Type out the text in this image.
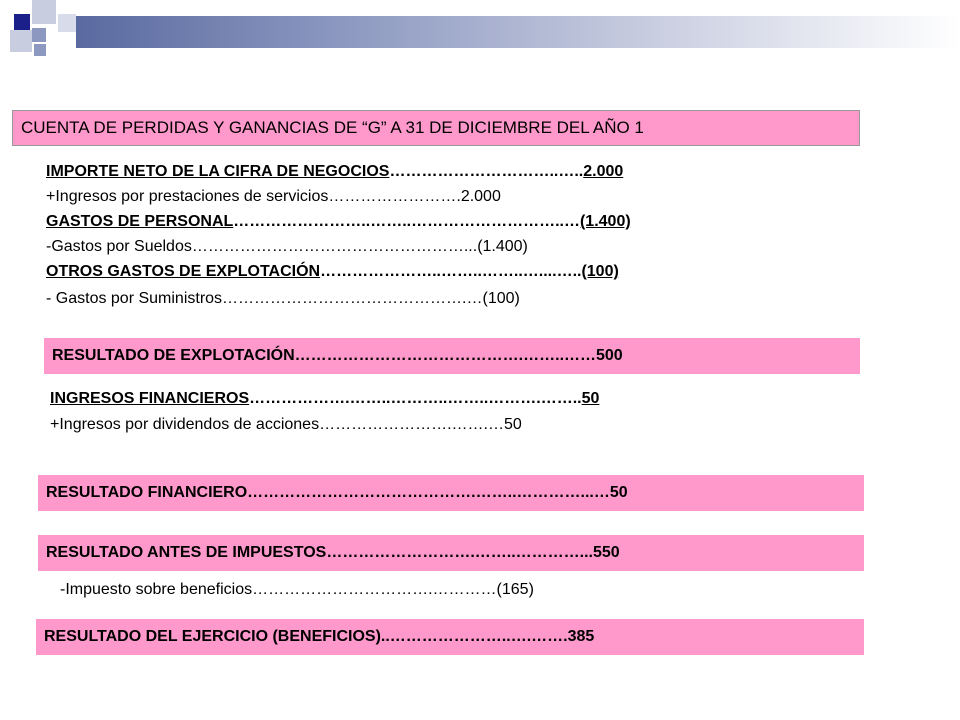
CUENTA DE PERDIDAS Y GANANCIAS DE “G” A 31 DE DICIEMBRE DEL AÑO 1
IMPORTE NETO DE LA CIFRA DE NEGOCIOS…………………………..…..2.000
+Ingresos por prestaciones de servicios…………………….2.000
GASTOS DE PERSONAL……………………..……..………………………..…(1.400)
-Gastos por Sueldos……………………………………………...(1.400)
OTROS GASTOS DE EXPLOTACIÓN…………………..……..……..…....…..(100)
- Gastos por Suministros……………………………………….…(100)
RESULTADO DE EXPLOTACIÓN…………………………………….……..……500
INGRESOS FINANCIEROS……………….……..………..……..……….……..50
+Ingresos por dividendos de acciones…………………….…….…50
RESULTADO FINANCIERO…………………………………….……..…………...…50
RESULTADO ANTES DE IMPUESTOS……………………….……..…………...550
-Impuesto sobre beneficios…………………………….…………(165)
RESULTADO DEL EJERCICIO (BENEFICIOS)..…………………..….…….385
